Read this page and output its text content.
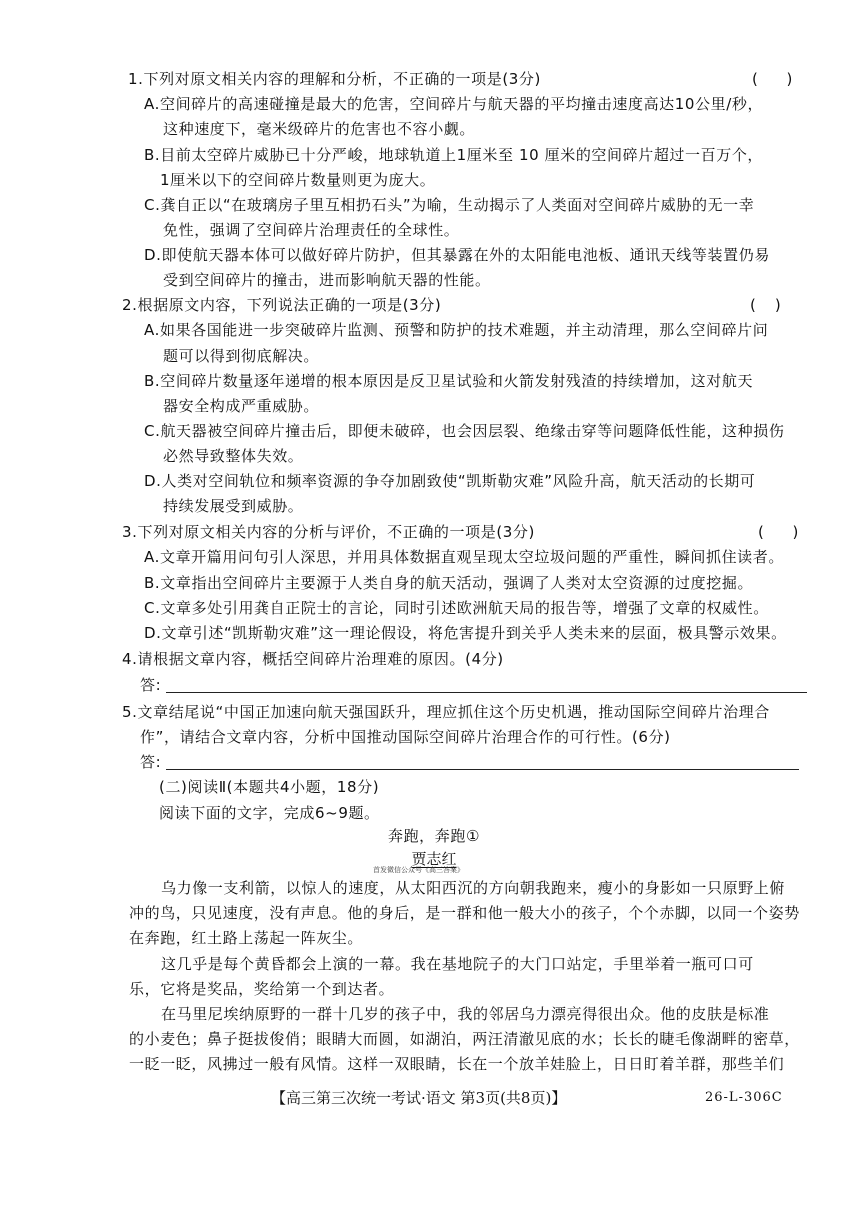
1.下列对原文相关内容的理解和分析，不正确的一项是(3分)	(      )
A.空间碎片的高速碰撞是最大的危害，空间碎片与航天器的平均撞击速度高达10公里/秒，
这种速度下，毫米级碎片的危害也不容小觑。
B.目前太空碎片威胁已十分严峻，地球轨道上1厘米至 10 厘米的空间碎片超过一百万个，
1厘米以下的空间碎片数量则更为庞大。
C.龚自正以“在玻璃房子里互相扔石头”为喻，生动揭示了人类面对空间碎片威胁的无一幸
免性，强调了空间碎片治理责任的全球性。
D.即使航天器本体可以做好碎片防护，但其暴露在外的太阳能电池板、通讯天线等装置仍易
受到空间碎片的撞击，进而影响航天器的性能。
2.根据原文内容，下列说法正确的一项是(3分)	(    )
A.如果各国能进一步突破碎片监测、预警和防护的技术难题，并主动清理，那么空间碎片问
题可以得到彻底解决。
B.空间碎片数量逐年递增的根本原因是反卫星试验和火箭发射残渣的持续增加，这对航天
器安全构成严重威胁。
C.航天器被空间碎片撞击后，即便未破碎，也会因层裂、绝缘击穿等问题降低性能，这种损伤
必然导致整体失效。
D.人类对空间轨位和频率资源的争夺加剧致使“凯斯勒灾难”风险升高，航天活动的长期可
持续发展受到威胁。
3.下列对原文相关内容的分析与评价，不正确的一项是(3分)	(      )
A.文章开篇用问句引人深思，并用具体数据直观呈现太空垃圾问题的严重性，瞬间抓住读者。
B.文章指出空间碎片主要源于人类自身的航天活动，强调了人类对太空资源的过度挖掘。
C.文章多处引用龚自正院士的言论，同时引述欧洲航天局的报告等，增强了文章的权威性。
D.文章引述“凯斯勒灾难”这一理论假设，将危害提升到关乎人类未来的层面，极具警示效果。
4.请根据文章内容，概括空间碎片治理难的原因。(4分)
答:
5.文章结尾说“中国正加速向航天强国跃升，理应抓住这个历史机遇，推动国际空间碎片治理合
作”，请结合文章内容，分析中国推动国际空间碎片治理合作的可行性。(6分)
答:
(二)阅读Ⅱ(本题共4小题，18分)
阅读下面的文字，完成6~9题。
奔跑，奔跑①
贾志红
首发微信公众号《高三答案》
乌力像一支利箭，以惊人的速度，从太阳西沉的方向朝我跑来，瘦小的身影如一只原野上俯
冲的鸟，只见速度，没有声息。他的身后，是一群和他一般大小的孩子，个个赤脚，以同一个姿势
在奔跑，红土路上荡起一阵灰尘。
这几乎是每个黄昏都会上演的一幕。我在基地院子的大门口站定，手里举着一瓶可口可
乐，它将是奖品，奖给第一个到达者。
在马里尼埃纳原野的一群十几岁的孩子中，我的邻居乌力漂亮得很出众。他的皮肤是标准
的小麦色；鼻子挺拔俊俏；眼睛大而圆，如湖泊，两汪清澈见底的水；长长的睫毛像湖畔的密草，
一眨一眨，风拂过一般有风情。这样一双眼睛，长在一个放羊娃脸上，日日盯着羊群，那些羊们
【高三第三次统一考试·语文 第3页(共8页)】	26-L-306C
